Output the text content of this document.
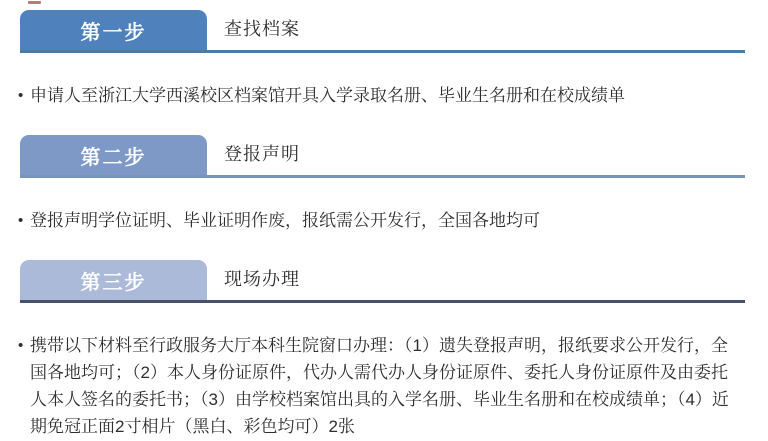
第一步	查找档案

• 申请人至浙江大学西溪校区档案馆开具入学录取名册、毕业生名册和在校成绩单

第二步	登报声明

• 登报声明学位证明、毕业证明作废，报纸需公开发行，全国各地均可

第三步	现场办理

• 携带以下材料至行政服务大厅本科生院窗口办理：（1）遗失登报声明，报纸要求公开发行，全国各地均可；（2）本人身份证原件，代办人需代办人身份证原件、委托人身份证原件及由委托人本人签名的委托书；（3）由学校档案馆出具的入学名册、毕业生名册和在校成绩单；（4）近期免冠正面2寸相片（黑白、彩色均可）2张
